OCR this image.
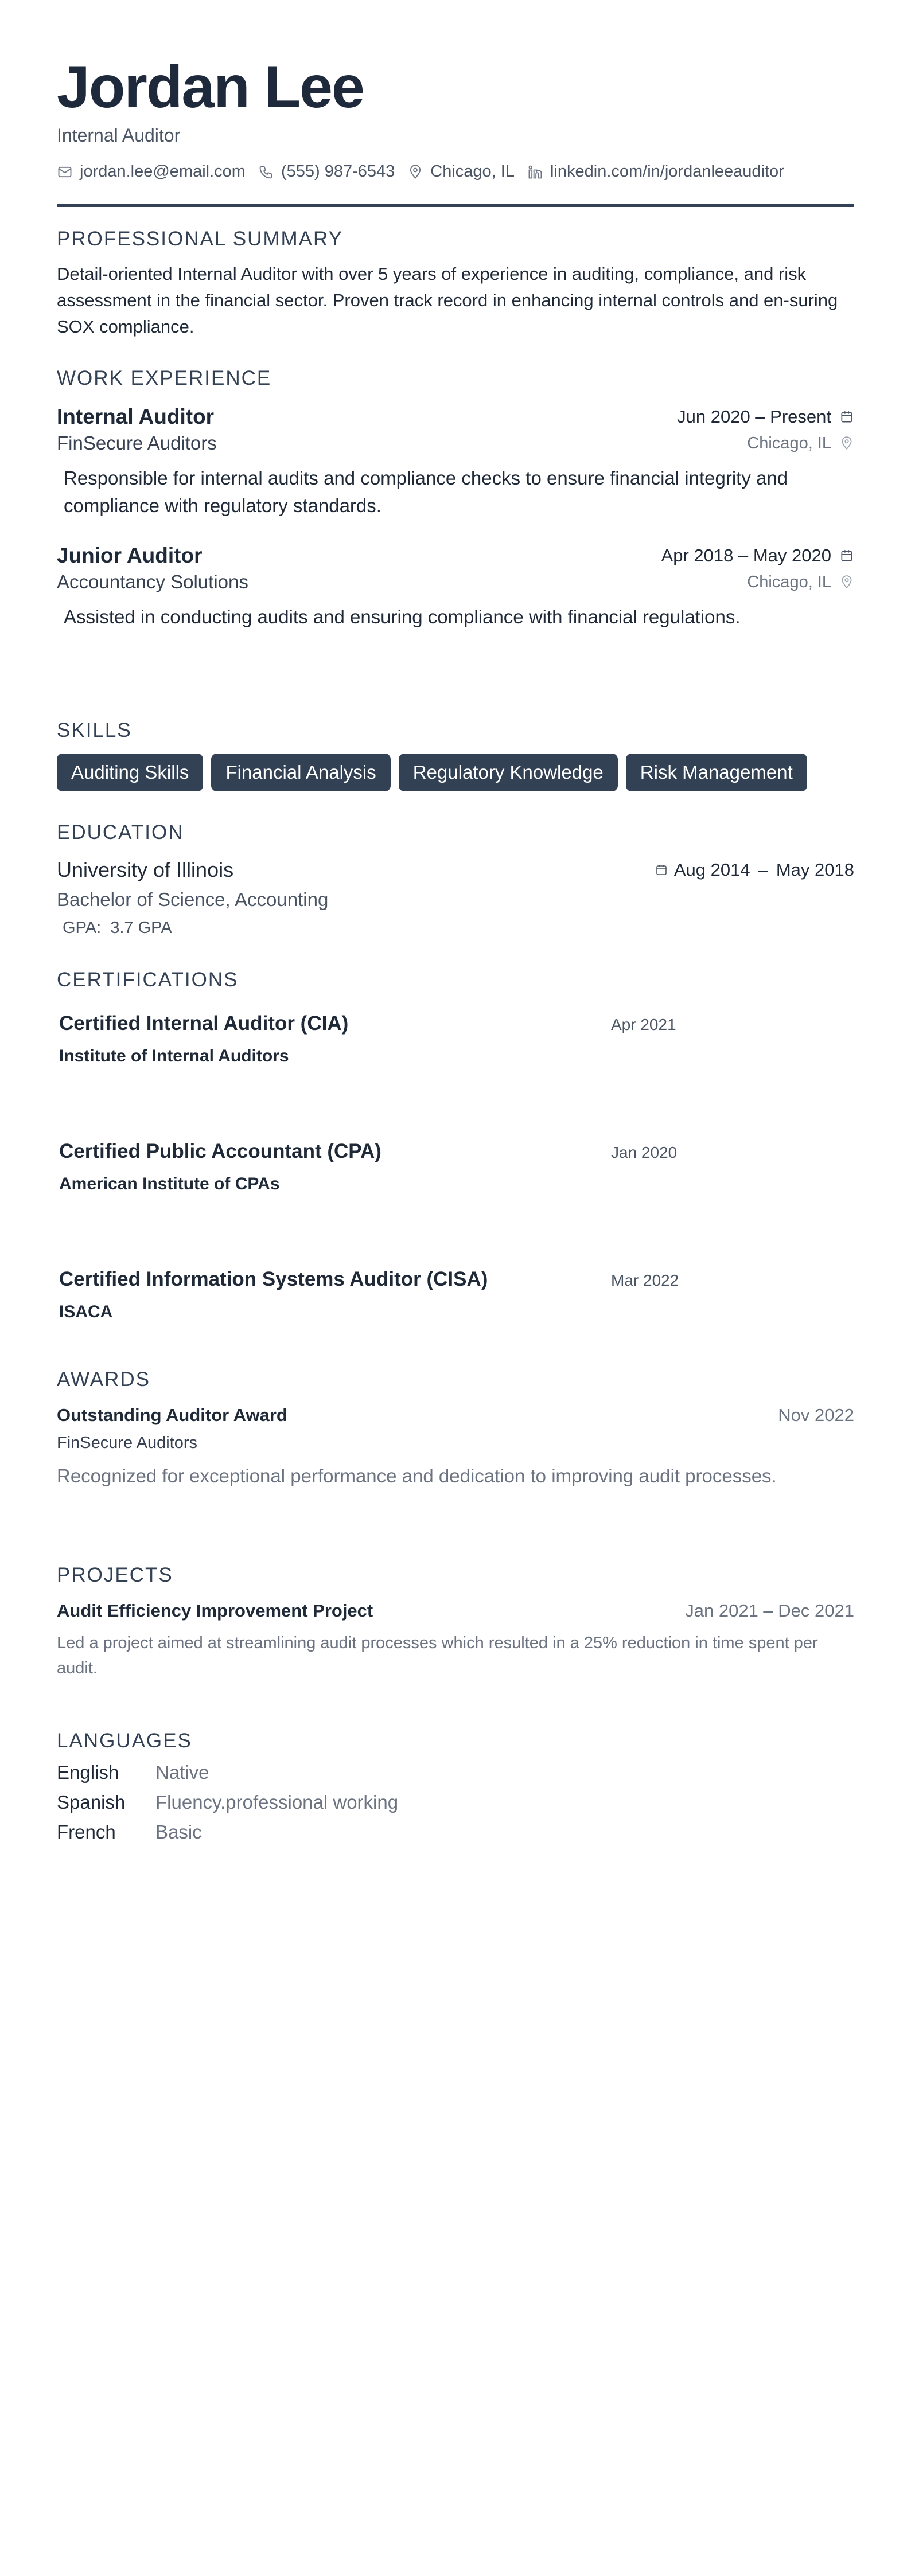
Jordan Lee
Internal Auditor
jordan.lee@email.com (555) 987-6543 Chicago, IL linkedin.com/in/jordanleeauditor
PROFESSIONAL SUMMARY
Detail-oriented Internal Auditor with over 5 years of experience in auditing, compliance, and risk assessment in the financial sector. Proven track record in enhancing internal controls and en-suring SOX compliance.
WORK EXPERIENCE
Internal Auditor	Jun 2020 – Present
FinSecure Auditors	Chicago, IL
Responsible for internal audits and compliance checks to ensure financial integrity and compliance with regulatory standards.
Junior Auditor	Apr 2018 – May 2020
Accountancy Solutions	Chicago, IL
Assisted in conducting audits and ensuring compliance with financial regulations.
SKILLS
Auditing Skills	Financial Analysis	Regulatory Knowledge	Risk Management
EDUCATION
University of Illinois	Aug 2014 – May 2018
Bachelor of Science, Accounting
GPA: 3.7 GPA
CERTIFICATIONS
Certified Internal Auditor (CIA)
Institute of Internal Auditors
Apr 2021
Certified Public Accountant (CPA)
American Institute of CPAs
Jan 2020
Certified Information Systems Auditor (CISA)
ISACA
Mar 2022
AWARDS
Outstanding Auditor Award	Nov 2022
FinSecure Auditors
Recognized for exceptional performance and dedication to improving audit processes.
PROJECTS
Audit Efficiency Improvement Project	Jan 2021 – Dec 2021
Led a project aimed at streamlining audit processes which resulted in a 25% reduction in time spent per audit.
LANGUAGES
English	Native
Spanish	Fluency.professional working
French	Basic
